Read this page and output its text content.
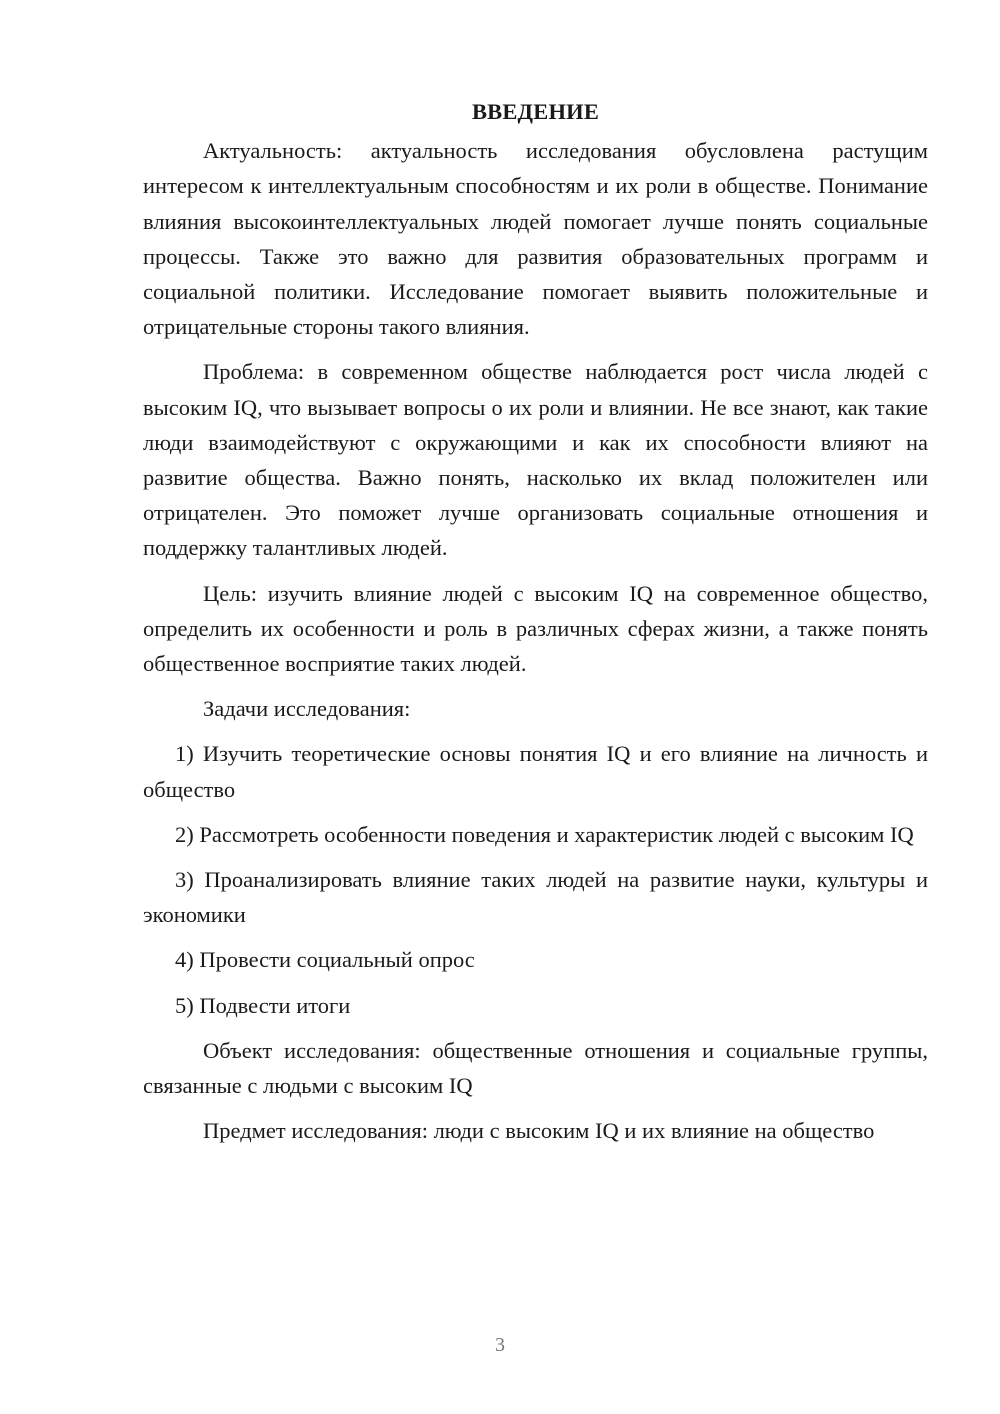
ВВЕДЕНИЕ

Актуальность: актуальность исследования обусловлена растущим интересом к интеллектуальным способностям и их роли в обществе. Понимание влияния высокоинтеллектуальных людей помогает лучше понять социальные процессы. Также это важно для развития образовательных программ и социальной политики. Исследование помогает выявить положительные и отрицательные стороны такого влияния.

Проблема: в современном обществе наблюдается рост числа людей с высоким IQ, что вызывает вопросы о их роли и влиянии. Не все знают, как такие люди взаимодействуют с окружающими и как их способности влияют на развитие общества. Важно понять, насколько их вклад положителен или отрицателен. Это поможет лучше организовать социальные отношения и поддержку талантливых людей.

Цель: изучить влияние людей с высоким IQ на современное общество, определить их особенности и роль в различных сферах жизни, а также понять общественное восприятие таких людей.

Задачи исследования:

1) Изучить теоретические основы понятия IQ и его влияние на личность и общество

2) Рассмотреть особенности поведения и характеристик людей с высоким IQ

3) Проанализировать влияние таких людей на развитие науки, культуры и экономики

4) Провести социальный опрос

5) Подвести итоги

Объект исследования: общественные отношения и социальные группы, связанные с людьми с высоким IQ

Предмет исследования: люди с высоким IQ и их влияние на общество

3
